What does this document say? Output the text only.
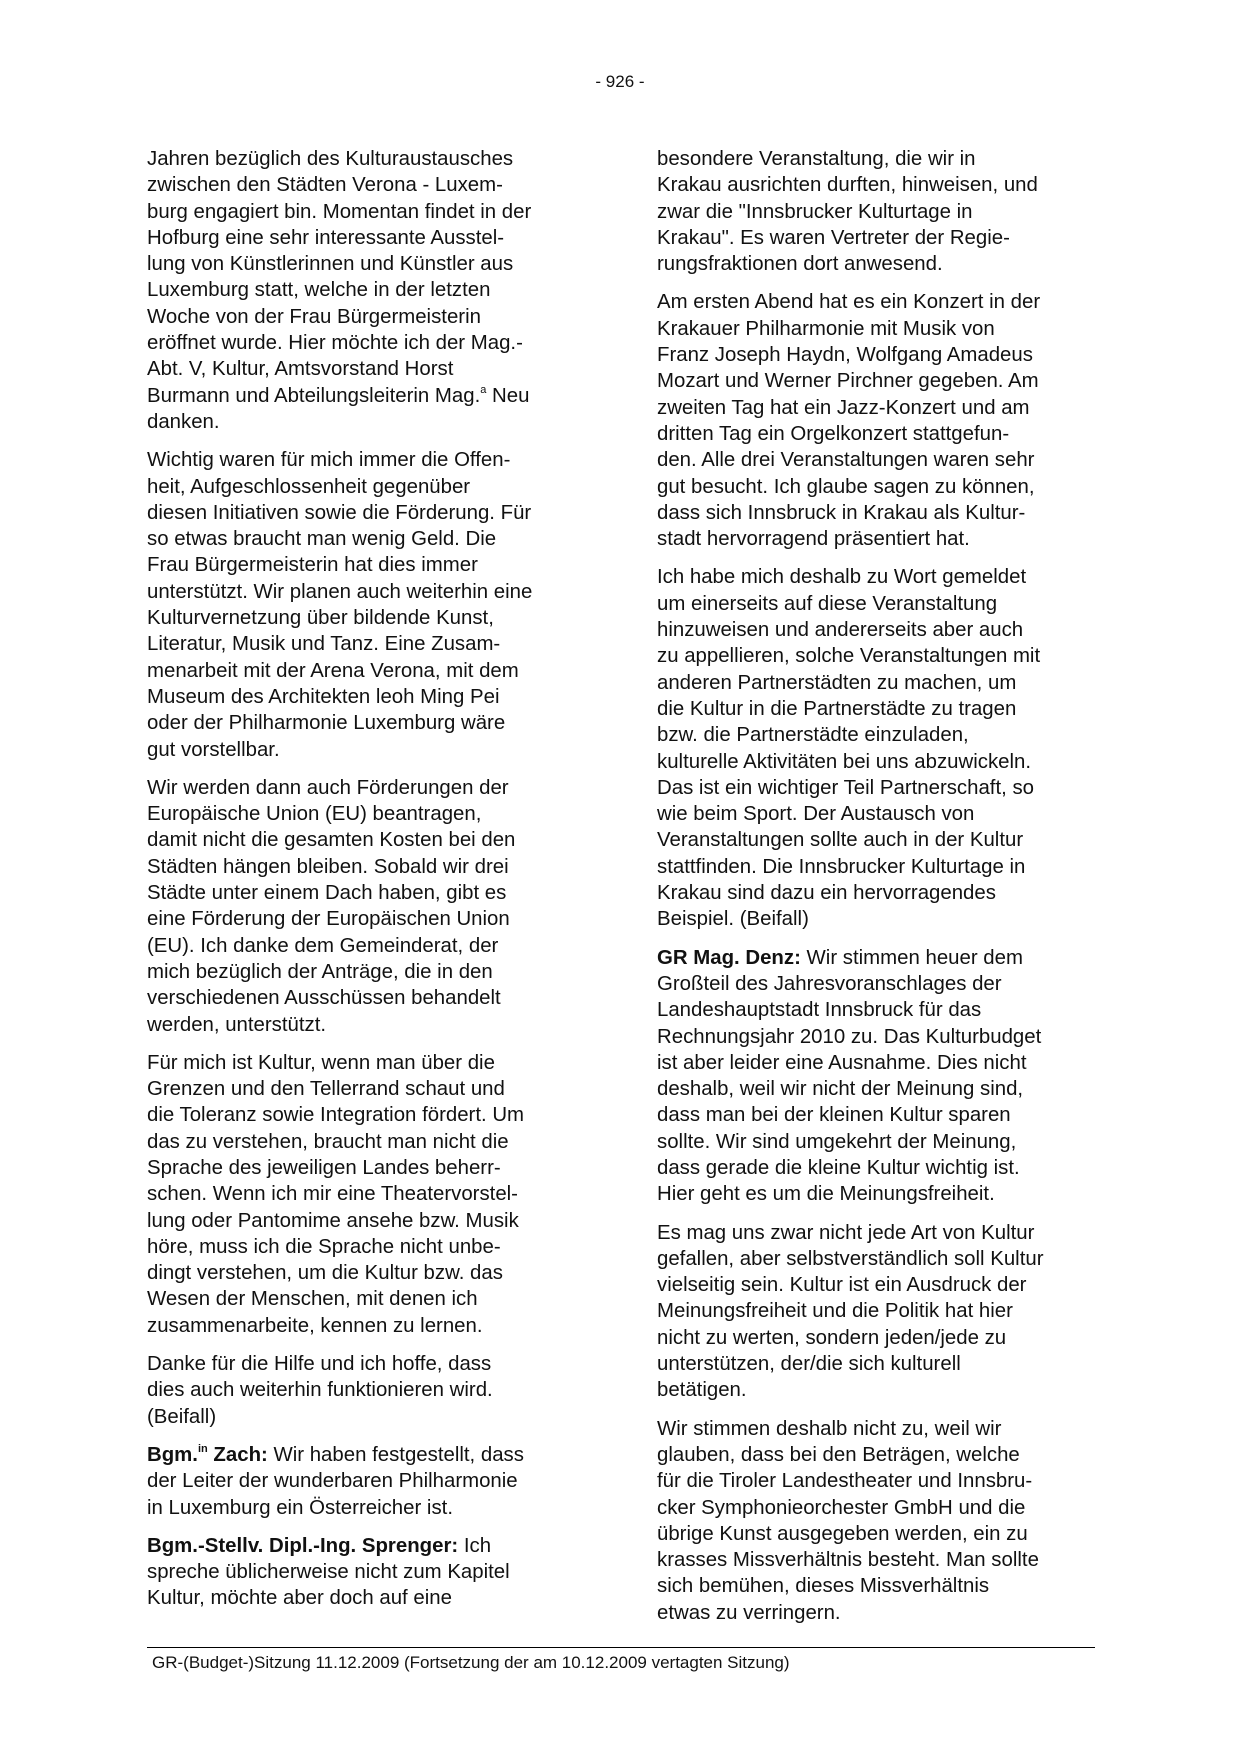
- 926 -

Jahren bezüglich des Kulturaustausches
zwischen den Städten Verona - Luxem-
burg engagiert bin. Momentan findet in der
Hofburg eine sehr interessante Ausstel-
lung von Künstlerinnen und Künstler aus
Luxemburg statt, welche in der letzten
Woche von der Frau Bürgermeisterin
eröffnet wurde. Hier möchte ich der Mag.-
Abt. V, Kultur, Amtsvorstand Horst
Burmann und Abteilungsleiterin Mag.$^a$ Neu
danken.

Wichtig waren für mich immer die Offen-
heit, Aufgeschlossenheit gegenüber
diesen Initiativen sowie die Förderung. Für
so etwas braucht man wenig Geld. Die
Frau Bürgermeisterin hat dies immer
unterstützt. Wir planen auch weiterhin eine
Kulturvernetzung über bildende Kunst,
Literatur, Musik und Tanz. Eine Zusam-
menarbeit mit der Arena Verona, mit dem
Museum des Architekten leoh Ming Pei
oder der Philharmonie Luxemburg wäre
gut vorstellbar.

Wir werden dann auch Förderungen der
Europäische Union (EU) beantragen,
damit nicht die gesamten Kosten bei den
Städten hängen bleiben. Sobald wir drei
Städte unter einem Dach haben, gibt es
eine Förderung der Europäischen Union
(EU). Ich danke dem Gemeinderat, der
mich bezüglich der Anträge, die in den
verschiedenen Ausschüssen behandelt
werden, unterstützt.

Für mich ist Kultur, wenn man über die
Grenzen und den Tellerrand schaut und
die Toleranz sowie Integration fördert. Um
das zu verstehen, braucht man nicht die
Sprache des jeweiligen Landes beherr-
schen. Wenn ich mir eine Theatervorstel-
lung oder Pantomime ansehe bzw. Musik
höre, muss ich die Sprache nicht unbe-
dingt verstehen, um die Kultur bzw. das
Wesen der Menschen, mit denen ich
zusammenarbeite, kennen zu lernen.

Danke für die Hilfe und ich hoffe, dass
dies auch weiterhin funktionieren wird.
(Beifall)

Bgm.$^{in}$ Zach: Wir haben festgestellt, dass
der Leiter der wunderbaren Philharmonie
in Luxemburg ein Österreicher ist.

Bgm.-Stellv. Dipl.-Ing. Sprenger: Ich
spreche üblicherweise nicht zum Kapitel
Kultur, möchte aber doch auf eine

besondere Veranstaltung, die wir in
Krakau ausrichten durften, hinweisen, und
zwar die "Innsbrucker Kulturtage in
Krakau". Es waren Vertreter der Regie-
rungsfraktionen dort anwesend.

Am ersten Abend hat es ein Konzert in der
Krakauer Philharmonie mit Musik von
Franz Joseph Haydn, Wolfgang Amadeus
Mozart und Werner Pirchner gegeben. Am
zweiten Tag hat ein Jazz-Konzert und am
dritten Tag ein Orgelkonzert stattgefun-
den. Alle drei Veranstaltungen waren sehr
gut besucht. Ich glaube sagen zu können,
dass sich Innsbruck in Krakau als Kultur-
stadt hervorragend präsentiert hat.

Ich habe mich deshalb zu Wort gemeldet
um einerseits auf diese Veranstaltung
hinzuweisen und andererseits aber auch
zu appellieren, solche Veranstaltungen mit
anderen Partnerstädten zu machen, um
die Kultur in die Partnerstädte zu tragen
bzw. die Partnerstädte einzuladen,
kulturelle Aktivitäten bei uns abzuwickeln.
Das ist ein wichtiger Teil Partnerschaft, so
wie beim Sport. Der Austausch von
Veranstaltungen sollte auch in der Kultur
stattfinden. Die Innsbrucker Kulturtage in
Krakau sind dazu ein hervorragendes
Beispiel. (Beifall)

GR Mag. Denz: Wir stimmen heuer dem
Großteil des Jahresvoranschlages der
Landeshauptstadt Innsbruck für das
Rechnungsjahr 2010 zu. Das Kulturbudget
ist aber leider eine Ausnahme. Dies nicht
deshalb, weil wir nicht der Meinung sind,
dass man bei der kleinen Kultur sparen
sollte. Wir sind umgekehrt der Meinung,
dass gerade die kleine Kultur wichtig ist.
Hier geht es um die Meinungsfreiheit.

Es mag uns zwar nicht jede Art von Kultur
gefallen, aber selbstverständlich soll Kultur
vielseitig sein. Kultur ist ein Ausdruck der
Meinungsfreiheit und die Politik hat hier
nicht zu werten, sondern jeden/jede zu
unterstützen, der/die sich kulturell
betätigen.

Wir stimmen deshalb nicht zu, weil wir
glauben, dass bei den Beträgen, welche
für die Tiroler Landestheater und Innsbru-
cker Symphonieorchester GmbH und die
übrige Kunst ausgegeben werden, ein zu
krasses Missverhältnis besteht. Man sollte
sich bemühen, dieses Missverhältnis
etwas zu verringern.

GR-(Budget-)Sitzung 11.12.2009 (Fortsetzung der am 10.12.2009 vertagten Sitzung)
